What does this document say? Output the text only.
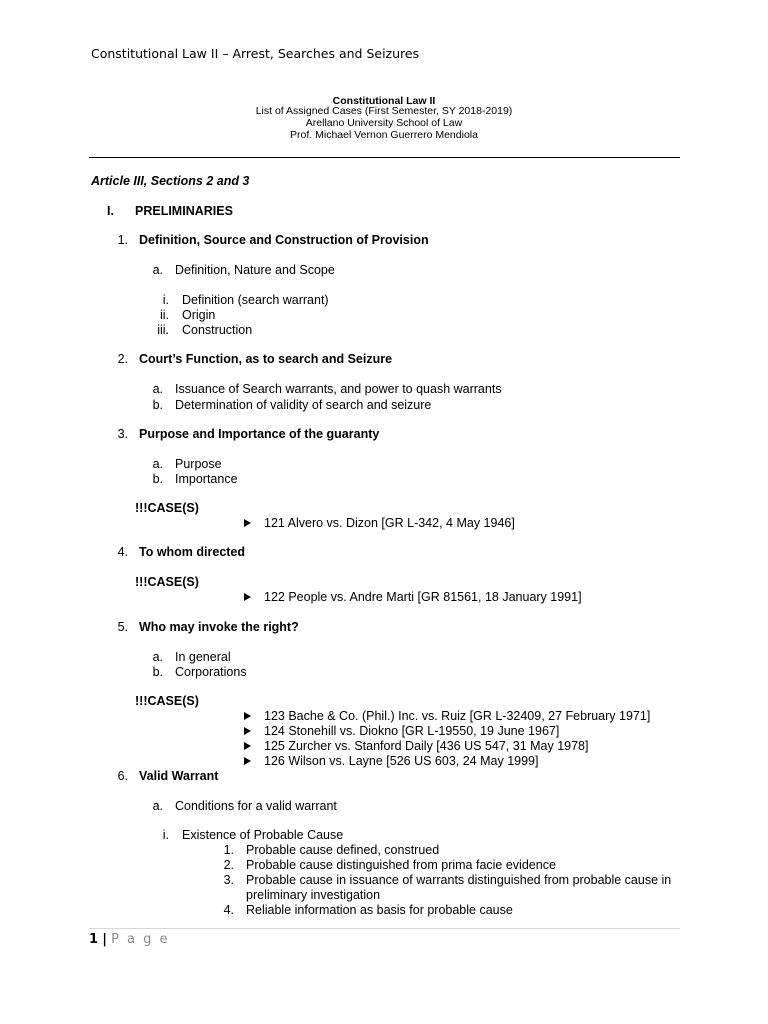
Constitutional Law II – Arrest, Searches and Seizures
Constitutional Law II
List of Assigned Cases (First Semester, SY 2018-2019)
Arellano University School of Law
Prof. Michael Vernon Guerrero Mendiola
Article III, Sections 2 and 3
I. PRELIMINARIES
1. Definition, Source and Construction of Provision
a. Definition, Nature and Scope
i. Definition (search warrant)
ii. Origin
iii. Construction
2. Court’s Function, as to search and Seizure
a. Issuance of Search warrants, and power to quash warrants
b. Determination of validity of search and seizure
3. Purpose and Importance of the guaranty
a. Purpose
b. Importance
!!!CASE(S)
121 Alvero vs. Dizon [GR L-342, 4 May 1946]
4. To whom directed
!!!CASE(S)
122 People vs. Andre Marti [GR 81561, 18 January 1991]
5. Who may invoke the right?
a. In general
b. Corporations
!!!CASE(S)
123 Bache & Co. (Phil.) Inc. vs. Ruiz [GR L-32409, 27 February 1971]
124 Stonehill vs. Diokno [GR L-19550, 19 June 1967]
125 Zurcher vs. Stanford Daily [436 US 547, 31 May 1978]
126 Wilson vs. Layne [526 US 603, 24 May 1999]
6. Valid Warrant
a. Conditions for a valid warrant
i. Existence of Probable Cause
1. Probable cause defined, construed
2. Probable cause distinguished from prima facie evidence
3. Probable cause in issuance of warrants distinguished from probable cause in
preliminary investigation
4. Reliable information as basis for probable cause
1 | P a g e
